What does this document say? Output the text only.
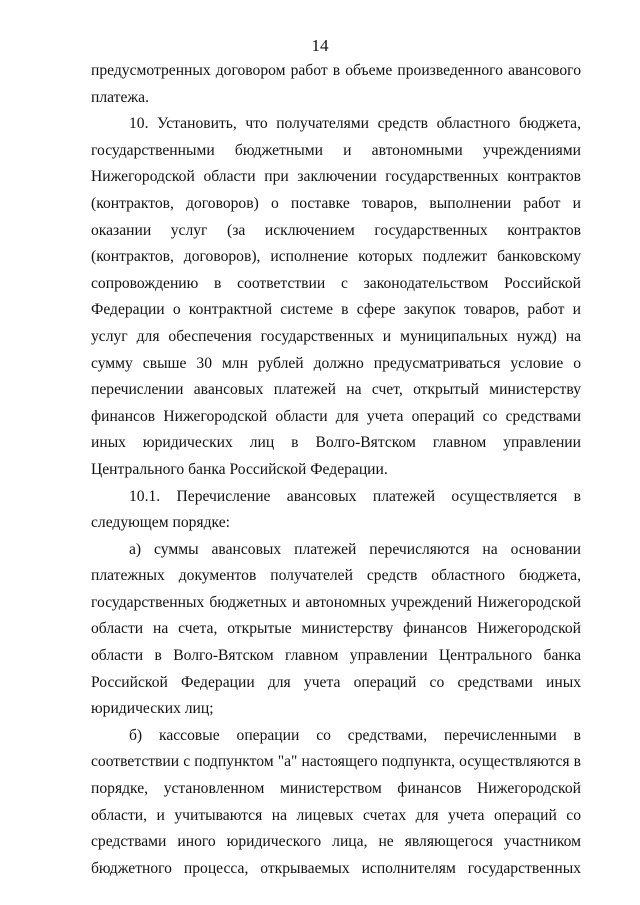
14

предусмотренных договором работ в объеме произведенного авансового платежа.

10. Установить, что получателями средств областного бюджета, государственными бюджетными и автономными учреждениями Нижегородской области при заключении государственных контрактов (контрактов, договоров) о поставке товаров, выполнении работ и оказании услуг (за исключением государственных контрактов (контрактов, договоров), исполнение которых подлежит банковскому сопровождению в соответствии с законодательством Российской Федерации о контрактной системе в сфере закупок товаров, работ и услуг для обеспечения государственных и муниципальных нужд) на сумму свыше 30 млн рублей должно предусматриваться условие о перечислении авансовых платежей на счет, открытый министерству финансов Нижегородской области для учета операций со средствами иных юридических лиц в Волго-Вятском главном управлении Центрального банка Российской Федерации.

10.1. Перечисление авансовых платежей осуществляется в следующем порядке:

а) суммы авансовых платежей перечисляются на основании платежных документов получателей средств областного бюджета, государственных бюджетных и автономных учреждений Нижегородской области на счета, открытые министерству финансов Нижегородской области в Волго-Вятском главном управлении Центрального банка Российской Федерации для учета операций со средствами иных юридических лиц;

б) кассовые операции со средствами, перечисленными в соответствии с подпунктом "а" настоящего подпункта, осуществляются в порядке, установленном министерством финансов Нижегородской области, и учитываются на лицевых счетах для учета операций со средствами иного юридического лица, не являющегося участником бюджетного процесса, открываемых исполнителям государственных
